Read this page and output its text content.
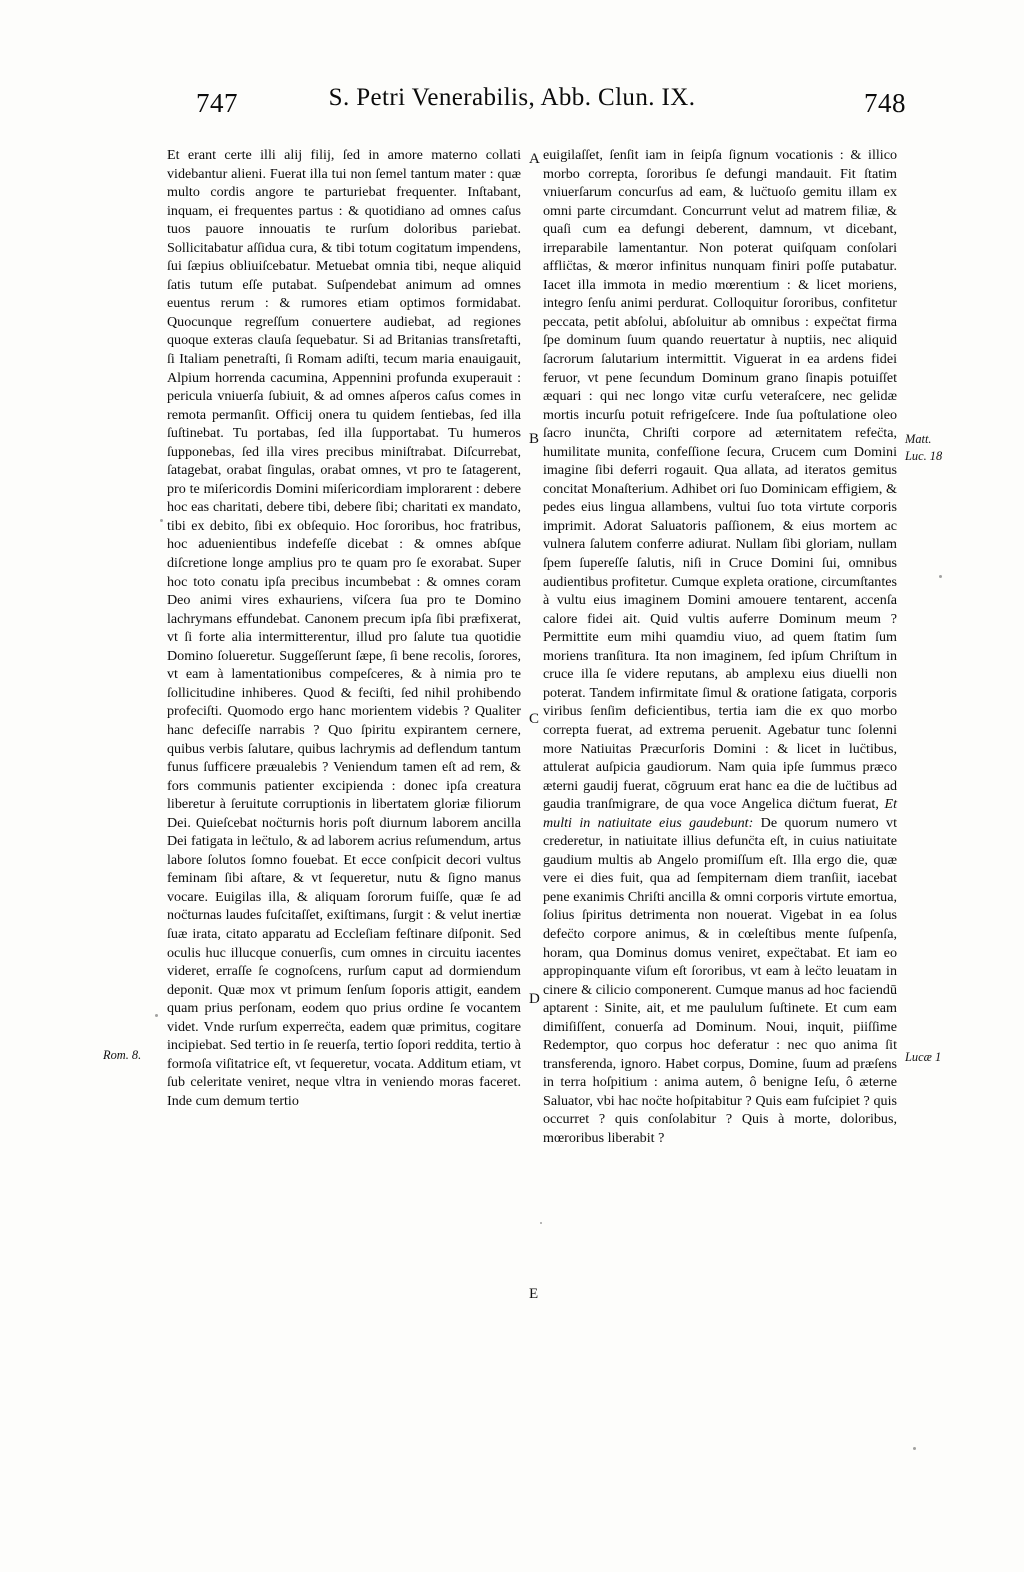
747	S. Petri Venerabilis, Abb. Clun. IX.	748

Et erant certe illi alij filij, ſed in amore materno collati videbantur alieni. Fuerat illa tui non ſemel tantum mater : quæ multo cordis angore te parturiebat frequenter. Inſtabant, inquam, ei frequentes partus : & quotidiano ad omnes caſus tuos pauore innouatis te rurſum doloribus pariebat. Sollicitabatur aſſidua cura, & tibi totum cogitatum impendens, ſui ſæpius obliuiſcebatur. Metuebat omnia tibi, neque aliquid ſatis tutum eſſe putabat. Suſpendebat animum ad omnes euentus rerum : & rumores etiam optimos formidabat. Quocunque regreſſum conuertere audiebat, ad regiones quoque exteras clauſa ſequebatur. Si ad Britanias transſretafti, ſi Italiam penetraſti, ſi Romam adiſti, tecum maria enauigauit, Alpium horrenda cacumina, Appennini profunda exuperauit : pericula vniuerſa ſubiuit, & ad omnes aſperos caſus comes in remota permanſit. Officij onera tu quidem ſentiebas, ſed illa ſuſtinebat. Tu portabas, ſed illa ſupportabat. Tu humeros ſupponebas, ſed illa vires precibus miniſtrabat. Diſcurrebat, ſatagebat, orabat ſingulas, orabat omnes, vt pro te ſatagerent, pro te miſericordis Domini miſericordiam implorarent : debere hoc eas charitati, debere tibi, debere ſibi; charitati ex mandato, tibi ex debito, ſibi ex obſequio. Hoc ſororibus, hoc fratribus, hoc aduenientibus indefeſſe dicebat : & omnes abſque diſcretione longe amplius pro te quam pro ſe exorabat. Super hoc toto conatu ipſa precibus incumbebat : & omnes coram Deo animi vires exhauriens, viſcera ſua pro te Domino lachrymans effundebat. Canonem precum ipſa ſibi præfixerat, vt ſi forte alia intermitterentur, illud pro ſalute tua quotidie Domino ſolueretur. Suggeſſerunt ſæpe, ſi bene recolis, ſorores, vt eam à lamentationibus compeſceres, & à nimia pro te ſollicitudine inhiberes. Quod & feciſti, ſed nihil prohibendo profeciſti. Quomodo ergo hanc morientem videbis ? Qualiter hanc defeciſſe narrabis ? Quo ſpiritu expirantem cernere, quibus verbis ſalutare, quibus lachrymis ad deflendum tantum funus ſufficere præualebis ? Veniendum tamen eſt ad rem, & fors communis patienter excipienda : donec ipſa creatura liberetur à ſeruitute corruptionis in libertatem gloriæ filiorum Dei. Quieſcebat noc̈turnis horis poſt diurnum laborem ancilla Dei fatigata in lec̈tulo, & ad laborem acrius reſumendum, artus labore ſolutos ſomno fouebat. Et ecce conſpicit decori vultus feminam ſibi aſtare, & vt ſequeretur, nutu & ſigno manus vocare. Euigilas illa, & aliquam ſororum fuiſſe, quæ ſe ad noc̈turnas laudes fuſcitaſſet, exiſtimans, ſurgit : & velut inertiæ ſuæ irata, citato apparatu ad Eccleſiam feſtinare diſponit. Sed oculis huc illucque conuerſis, cum omnes in circuitu iacentes videret, erraſſe ſe cognoſcens, rurſum caput ad dormiendum deponit. Quæ mox vt primum ſenſum ſoporis attigit, eandem quam prius perſonam, eodem quo prius ordine ſe vocantem videt. Vnde rurſum experrec̈ta, eadem quæ primitus, cogitare incipiebat. Sed tertio in ſe reuerſa, tertio ſopori reddita, tertio à formoſa viſitatrice eſt, vt ſequeretur, vocata. Additum etiam, vt ſub celeritate veniret, neque vltra in veniendo moras faceret. Inde cum demum tertio

euigilaſſet, ſenſit iam in ſeipſa ſignum vocationis : & illico morbo correpta, ſororibus ſe defungi mandauit. Fit ſtatim vniuerſarum concurſus ad eam, & luc̈tuoſo gemitu illam ex omni parte circumdant. Concurrunt velut ad matrem filiæ, & quaſi cum ea defungi deberent, damnum, vt dicebant, irreparabile lamentantur. Non poterat quiſquam conſolari afflic̈tas, & mœror infinitus nunquam finiri poſſe putabatur. Iacet illa immota in medio mœrentium : & licet moriens, integro ſenſu animi perdurat. Colloquitur ſororibus, confitetur peccata, petit abſolui, abſoluitur ab omnibus : expec̈tat firma ſpe dominum ſuum quando reuertatur à nuptiis, nec aliquid ſacrorum ſalutarium intermittit. Viguerat in ea ardens fidei feruor, vt pene ſecundum Dominum grano ſinapis potuiſſet æquari : qui nec longo vitæ curſu veteraſcere, nec gelidæ mortis incurſu potuit refrigeſcere. Inde ſua poſtulatione oleo ſacro inunc̈ta, Chriſti corpore ad æternitatem refec̈ta, humilitate munita, confeſſione ſecura, Crucem cum Domini imagine ſibi deferri rogauit. Qua allata, ad iteratos gemitus concitat Monaſterium. Adhibet ori ſuo Dominicam effigiem, & pedes eius lingua allambens, vultui ſuo tota virtute corporis imprimit. Adorat Saluatoris paſſionem, & eius mortem ac vulnera ſalutem conferre adiurat. Nullam ſibi gloriam, nullam ſpem ſupereſſe ſalutis, niſi in Cruce Domini ſui, omnibus audientibus profitetur. Cumque expleta oratione, circumſtantes à vultu eius imaginem Domini amouere tentarent, accenſa calore fidei ait. Quid vultis auferre Dominum meum ? Permittite eum mihi quamdiu viuo, ad quem ſtatim ſum moriens tranſitura. Ita non imaginem, ſed ipſum Chriſtum in cruce illa ſe videre reputans, ab amplexu eius diuelli non poterat. Tandem infirmitate ſimul & oratione ſatigata, corporis viribus ſenſim deficientibus, tertia iam die ex quo morbo correpta fuerat, ad extrema peruenit. Agebatur tunc ſolenni more Natiuitas Præcurſoris Domini : & licet in luc̈tibus, attulerat auſpicia gaudiorum. Nam quia ipſe ſummus præco æterni gaudij fuerat, cōgruum erat hanc ea die de luc̈tibus ad gaudia tranſmigrare, de qua voce Angelica dic̈tum fuerat, Et multi in natiuitate eius gaudebunt: De quorum numero vt crederetur, in natiuitate illius defunc̈ta eſt, in cuius natiuitate gaudium multis ab Angelo promiſſum eſt. Illa ergo die, quæ vere ei dies fuit, qua ad ſempiternam diem tranſiit, iacebat pene exanimis Chriſti ancilla & omni corporis virtute emortua, ſolius ſpiritus detrimenta non nouerat. Vigebat in ea ſolus defec̈to corpore animus, & in cœleſtibus mente ſuſpenſa, horam, qua Dominus domus veniret, expec̈tabat. Et iam eo appropinquante viſum eſt ſororibus, vt eam à lec̈to leuatam in cinere & cilicio componerent. Cumque manus ad hoc faciendū aptarent : Sinite, ait, et me paululum ſuſtinete. Et cum eam dimiſiſſent, conuerſa ad Dominum. Noui, inquit, piiſſime Redemptor, quo corpus hoc deferatur : nec quo anima ſit transferenda, ignoro. Habet corpus, Domine, ſuum ad præſens in terra hoſpitium : anima autem, ô benigne Ieſu, ô æterne Saluator, vbi hac noc̈te hoſpitabitur ? Quis eam fuſcipiet ? quis occurret ? quis conſolabitur ? Quis à morte, doloribus, mœroribus liberabit ?

A
B
C
D
E
Rom. 8.
Matt.
Luc. 18
Lucæ 1
